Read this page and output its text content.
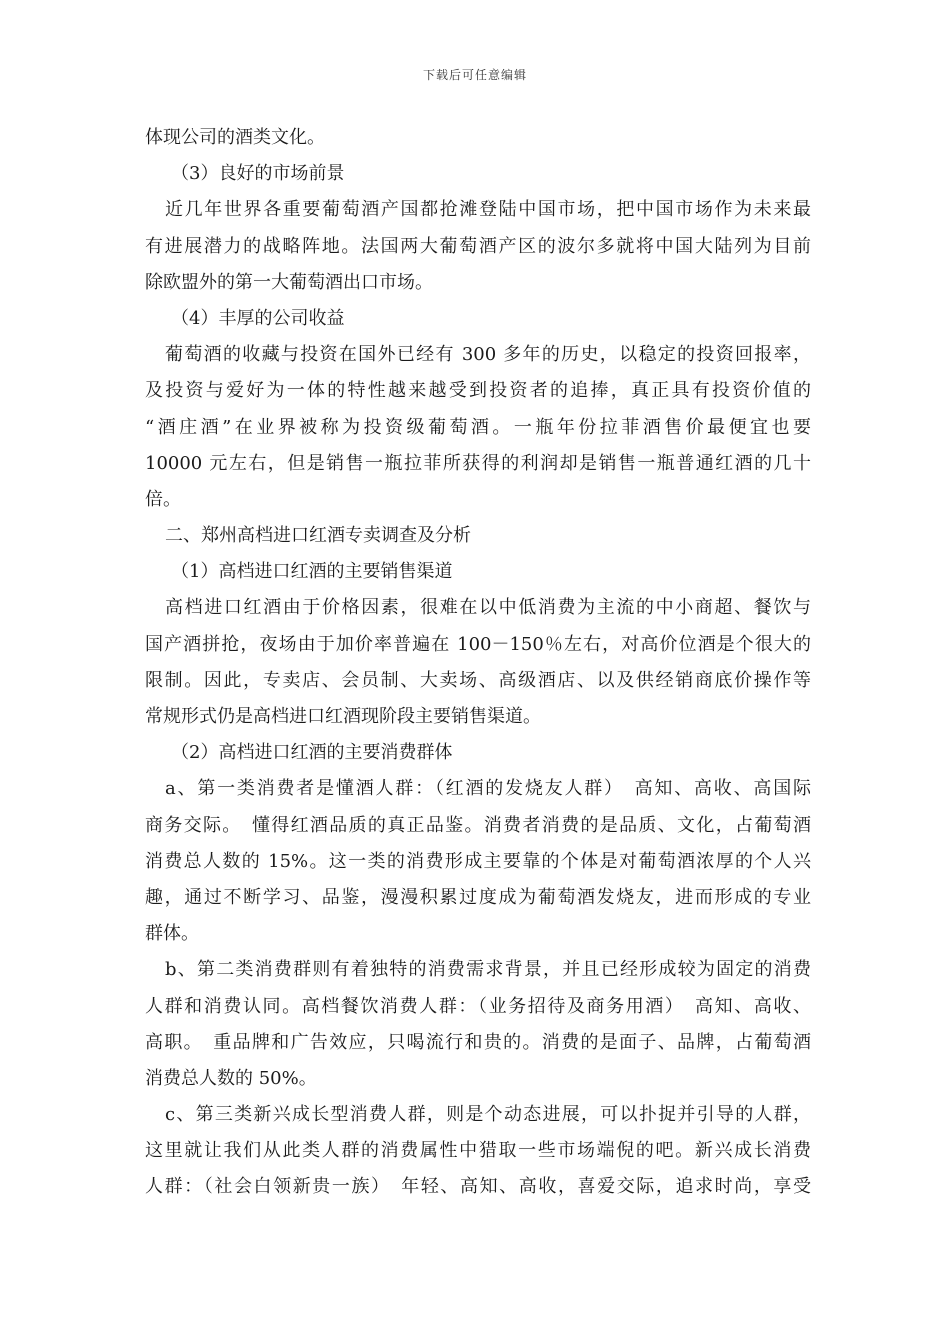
下载后可任意编辑
体现公司的酒类文化。
（3）良好的市场前景
近几年世界各重要葡萄酒产国都抢滩登陆中国市场，把中国市场作为未来最
有进展潜力的战略阵地。法国两大葡萄酒产区的波尔多就将中国大陆列为目前
除欧盟外的第一大葡萄酒出口市场。
（4）丰厚的公司收益
葡萄酒的收藏与投资在国外已经有 300 多年的历史，以稳定的投资回报率，
及投资与爱好为一体的特性越来越受到投资者的追捧，真正具有投资价值的
“酒庄酒”在业界被称为投资级葡萄酒。一瓶年份拉菲酒售价最便宜也要
10000 元左右，但是销售一瓶拉菲所获得的利润却是销售一瓶普通红酒的几十
倍。
二、郑州高档进口红酒专卖调查及分析
（1）高档进口红酒的主要销售渠道
高档进口红酒由于价格因素，很难在以中低消费为主流的中小商超、餐饮与
国产酒拼抢，夜场由于加价率普遍在 100－150％左右，对高价位酒是个很大的
限制。因此，专卖店、会员制、大卖场、高级酒店、以及供经销商底价操作等
常规形式仍是高档进口红酒现阶段主要销售渠道。
（2）高档进口红酒的主要消费群体
a、第一类消费者是懂酒人群：（红酒的发烧友人群）　高知、高收、高国际
商务交际。　懂得红酒品质的真正品鉴。消费者消费的是品质、文化，占葡萄酒
消费总人数的 15%。这一类的消费形成主要靠的个体是对葡萄酒浓厚的个人兴
趣，通过不断学习、品鉴，漫漫积累过度成为葡萄酒发烧友，进而形成的专业
群体。
b、第二类消费群则有着独特的消费需求背景，并且已经形成较为固定的消费
人群和消费认同。高档餐饮消费人群：（业务招待及商务用酒）　高知、高收、
高职。　重品牌和广告效应，只喝流行和贵的。消费的是面子、品牌，占葡萄酒
消费总人数的 50%。
c、第三类新兴成长型消费人群，则是个动态进展，可以扑捉并引导的人群，
这里就让我们从此类人群的消费属性中猎取一些市场端倪的吧。新兴成长消费
人群：（社会白领新贵一族）　年轻、高知、高收，喜爱交际，追求时尚，享受
